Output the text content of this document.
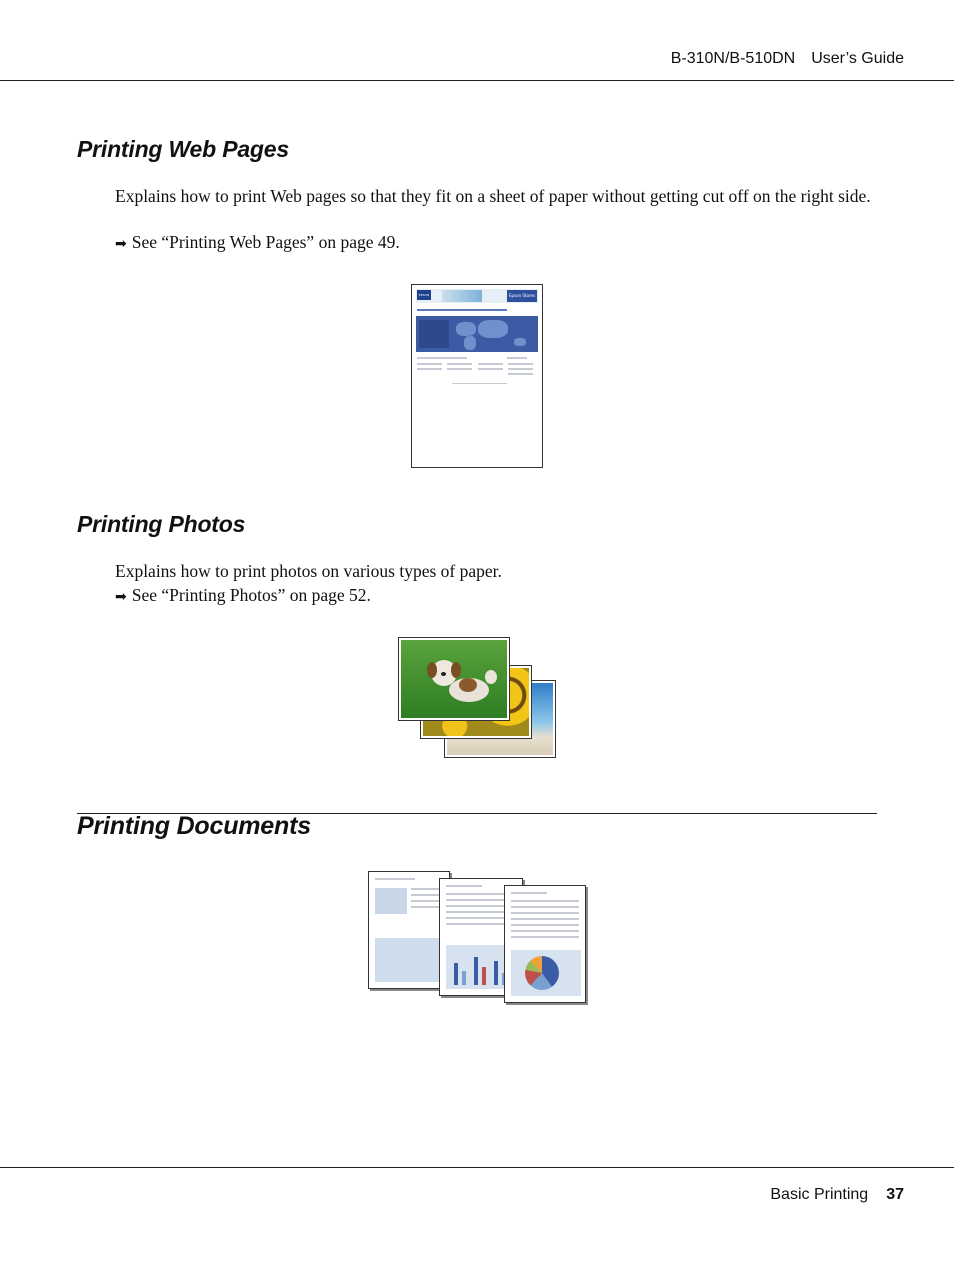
B-310N/B-510DN User’s Guide
Printing Web Pages

Explains how to print Web pages so that they fit on a sheet of paper without getting cut off on the right side.

➡ See “Printing Web Pages” on page 49.

EPSON	Epson Stores
Printing Photos

Explains how to print photos on various types of paper.

➡ See “Printing Photos” on page 52.

Printing Documents
Basic Printing 37
